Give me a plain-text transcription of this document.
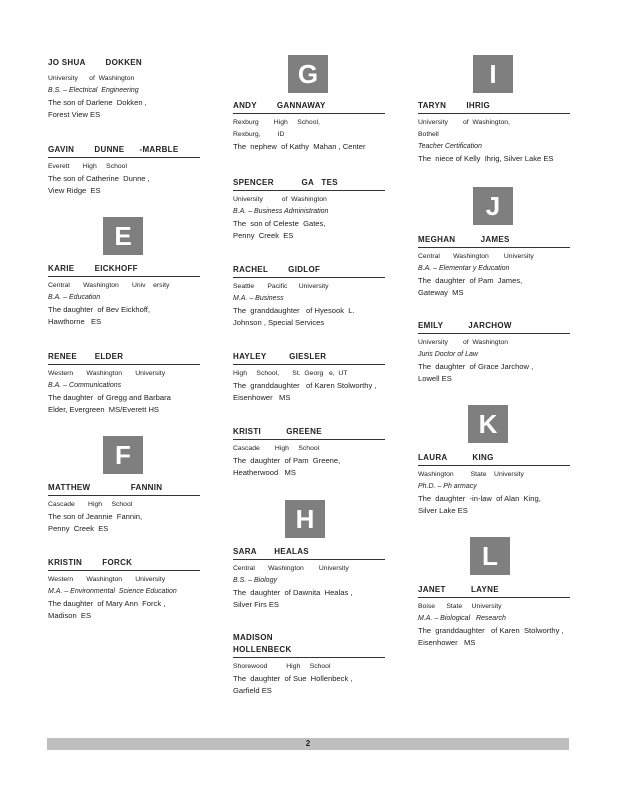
JO SHUA        DOKKEN
University      of  Washington
B.S. – Electrical  Engineering
The son of Darlene  Dokken ,
Forest View ES
GAVIN        DUNNE      -MARBLE
Everett       High     School
The son of Catherine  Dunne ,
View Ridge  ES
E
KARIE        EICKHOFF
Central       Washington       Univ    ersity
B.A. – Education
The daughter  of Bev Eickhoff,
Hawthorne   ES
RENEE       ELDER
Western       Washington       University
B.A. – Communications
The daughter  of Gregg and Barbara
Elder, Evergreen  MS/Everett HS
F
MATTHEW                FANNIN
Cascade       High     School
The son of Jeannie  Fannin,
Penny  Creek  ES
KRISTIN        FORCK
Western       Washington       University
M.A. – Environmental  Science Education
The daughter  of Mary Ann  Forck ,
Madison  ES
G
ANDY        GANNAWAY
Rexburg        High     School,
Rexburg,         ID
The  nephew  of Kathy  Mahan , Center
SPENCER           GA   TES
University          of  Washington
B.A. – Business Administration
The  son of Celeste  Gates,
Penny  Creek  ES
RACHEL        GIDLOF
Seattle       Pacific      University
M.A. – Business
The  granddaughter   of Hyesook  L.
Johnson , Special Services
HAYLEY         GIESLER
High     School,       St.  Georg   e,  UT
The  granddaughter   of Karen Stolworthy ,
Eisenhower   MS
KRISTI          GREENE
Cascade        High     School
The  daughter  of Pam  Greene,
Heatherwood   MS
H
SARA       HEALAS
Central       Washington        University
B.S. – Biology
The  daughter  of Dawnita  Healas ,
Silver Firs ES
MADISON
HOLLENBECK
Shorewood          High     School
The  daughter  of Sue  Hollenbeck ,
Garfield ES
I
TARYN        IHRIG
University        of  Washington,
Bothell
Teacher Certification
The  niece of Kelly  Ihrig, Silver Lake ES
J
MEGHAN          JAMES
Central       Washington        University
B.A. – Elementar y Education
The  daughter  of Pam  James,
Gateway  MS
EMILY          JARCHOW
University        of  Washington
Juris Doctor of Law
The  daughter  of Grace Jarchow ,
Lowell ES
K
LAURA          KING
Washington         State    University
Ph.D. – Ph armacy
The  daughter  -in-law  of Alan  King,
Silver Lake ES
L
JANET          LAYNE
Boise      State     University
M.A. – Biological   Research
The  granddaughter   of Karen  Stolworthy ,
Eisenhower   MS
2
